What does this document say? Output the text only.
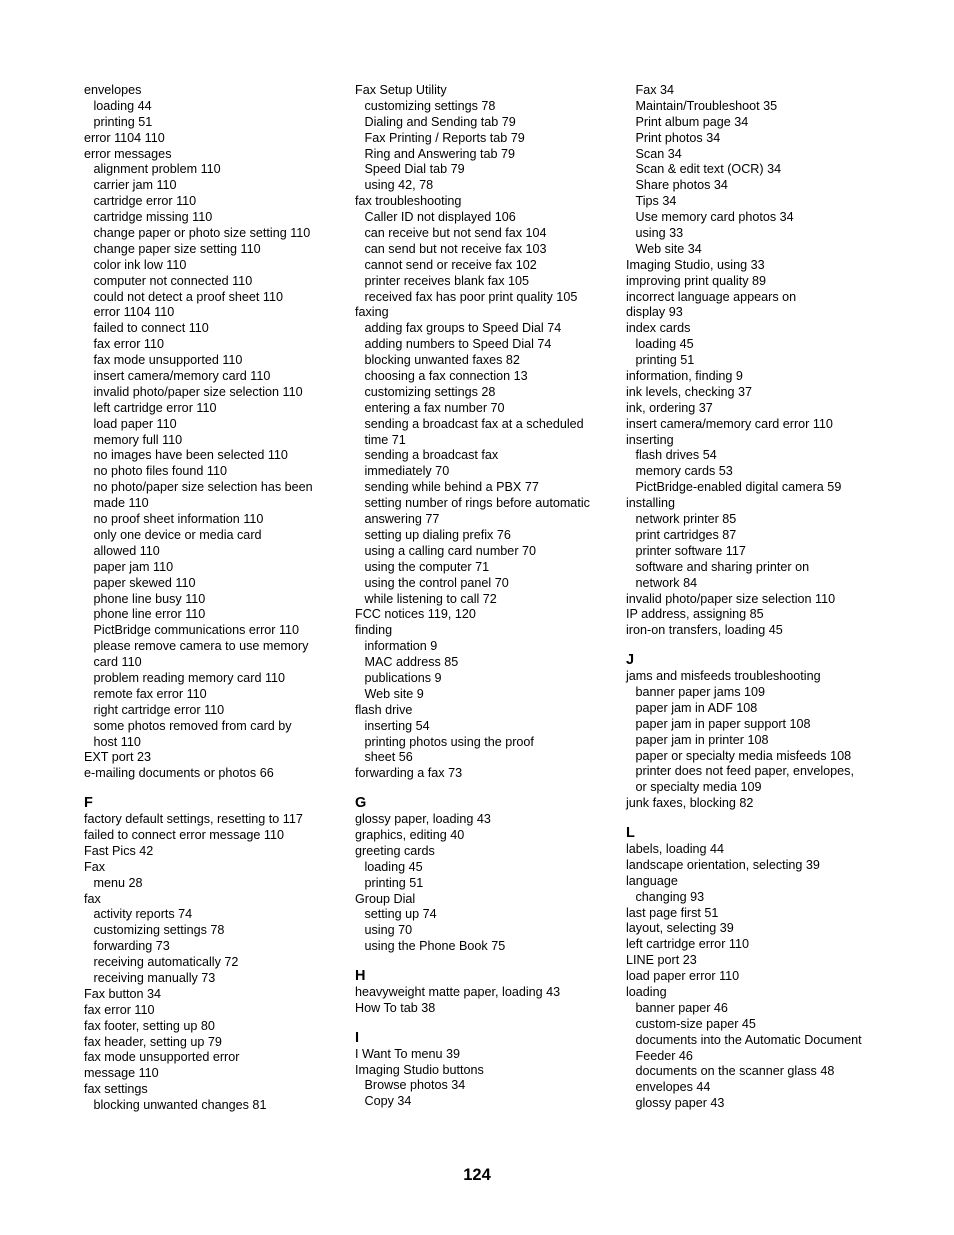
envelopes
loading 44
printing 51
error 1104 110
error messages
alignment problem 110
carrier jam 110
cartridge error 110
cartridge missing 110
change paper or photo size setting 110
change paper size setting 110
color ink low 110
computer not connected 110
could not detect a proof sheet 110
error 1104 110
failed to connect 110
fax error 110
fax mode unsupported 110
insert camera/memory card 110
invalid photo/paper size selection 110
left cartridge error 110
load paper 110
memory full 110
no images have been selected 110
no photo files found 110
no photo/paper size selection has been
made 110
no proof sheet information 110
only one device or media card
allowed 110
paper jam 110
paper skewed 110
phone line busy 110
phone line error 110
PictBridge communications error 110
please remove camera to use memory
card 110
problem reading memory card 110
remote fax error 110
right cartridge error 110
some photos removed from card by
host 110
EXT port 23
e-mailing documents or photos 66
F
factory default settings, resetting to 117
failed to connect error message 110
Fast Pics 42
Fax
menu 28
fax
activity reports 74
customizing settings 78
forwarding 73
receiving automatically 72
receiving manually 73
Fax button 34
fax error 110
fax footer, setting up 80
fax header, setting up 79
fax mode unsupported error
message 110
fax settings
blocking unwanted changes 81
Fax Setup Utility
customizing settings 78
Dialing and Sending tab 79
Fax Printing / Reports tab 79
Ring and Answering tab 79
Speed Dial tab 79
using 42, 78
fax troubleshooting
Caller ID not displayed 106
can receive but not send fax 104
can send but not receive fax 103
cannot send or receive fax 102
printer receives blank fax 105
received fax has poor print quality 105
faxing
adding fax groups to Speed Dial 74
adding numbers to Speed Dial 74
blocking unwanted faxes 82
choosing a fax connection 13
customizing settings 28
entering a fax number 70
sending a broadcast fax at a scheduled
time 71
sending a broadcast fax
immediately 70
sending while behind a PBX 77
setting number of rings before automatic
answering 77
setting up dialing prefix 76
using a calling card number 70
using the computer 71
using the control panel 70
while listening to call 72
FCC notices 119, 120
finding
information 9
MAC address 85
publications 9
Web site 9
flash drive
inserting 54
printing photos using the proof
sheet 56
forwarding a fax 73
G
glossy paper, loading 43
graphics, editing 40
greeting cards
loading 45
printing 51
Group Dial
setting up 74
using 70
using the Phone Book 75
H
heavyweight matte paper, loading 43
How To tab 38
I
I Want To menu 39
Imaging Studio buttons
Browse photos 34
Copy 34
Fax 34
Maintain/Troubleshoot 35
Print album page 34
Print photos 34
Scan 34
Scan & edit text (OCR) 34
Share photos 34
Tips 34
Use memory card photos 34
using 33
Web site 34
Imaging Studio, using 33
improving print quality 89
incorrect language appears on
display 93
index cards
loading 45
printing 51
information, finding 9
ink levels, checking 37
ink, ordering 37
insert camera/memory card error 110
inserting
flash drives 54
memory cards 53
PictBridge-enabled digital camera 59
installing
network printer 85
print cartridges 87
printer software 117
software and sharing printer on
network 84
invalid photo/paper size selection 110
IP address, assigning 85
iron-on transfers, loading 45
J
jams and misfeeds troubleshooting
banner paper jams 109
paper jam in ADF 108
paper jam in paper support 108
paper jam in printer 108
paper or specialty media misfeeds 108
printer does not feed paper, envelopes,
or specialty media 109
junk faxes, blocking 82
L
labels, loading 44
landscape orientation, selecting 39
language
changing 93
last page first 51
layout, selecting 39
left cartridge error 110
LINE port 23
load paper error 110
loading
banner paper 46
custom-size paper 45
documents into the Automatic Document
Feeder 46
documents on the scanner glass 48
envelopes 44
glossy paper 43
124
